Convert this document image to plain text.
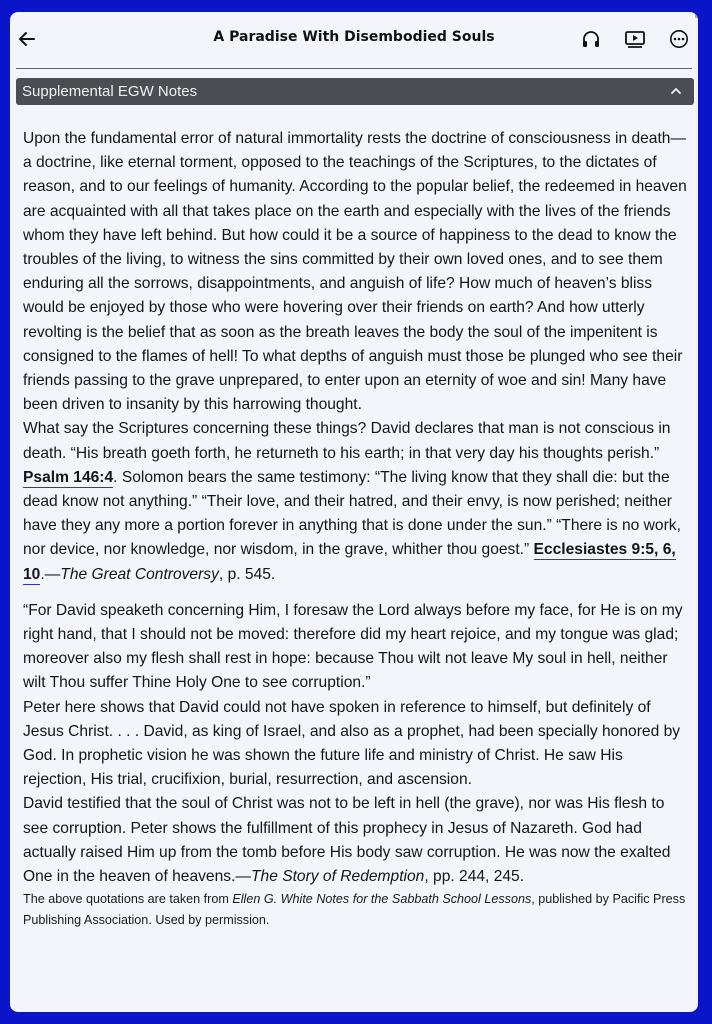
A Paradise With Disembodied Souls
Supplemental EGW Notes

Upon the fundamental error of natural immortality rests the doctrine of consciousness in death—a doctrine, like eternal torment, opposed to the teachings of the Scriptures, to the dictates of reason, and to our feelings of humanity. According to the popular belief, the redeemed in heaven are acquainted with all that takes place on the earth and especially with the lives of the friends whom they have left behind. But how could it be a source of happiness to the dead to know the troubles of the living, to witness the sins committed by their own loved ones, and to see them enduring all the sorrows, disappointments, and anguish of life? How much of heaven’s bliss would be enjoyed by those who were hovering over their friends on earth? And how utterly revolting is the belief that as soon as the breath leaves the body the soul of the impenitent is consigned to the flames of hell! To what depths of anguish must those be plunged who see their friends passing to the grave unprepared, to enter upon an eternity of woe and sin! Many have been driven to insanity by this harrowing thought.

What say the Scriptures concerning these things? David declares that man is not conscious in death. “His breath goeth forth, he returneth to his earth; in that very day his thoughts perish.” Psalm 146:4. Solomon bears the same testimony: “The living know that they shall die: but the dead know not anything.” “Their love, and their hatred, and their envy, is now perished; neither have they any more a portion forever in anything that is done under the sun.” “There is no work, nor device, nor knowledge, nor wisdom, in the grave, whither thou goest.” Ecclesiastes 9:5, 6, 10.—The Great Controversy, p. 545.

“For David speaketh concerning Him, I foresaw the Lord always before my face, for He is on my right hand, that I should not be moved: therefore did my heart rejoice, and my tongue was glad; moreover also my flesh shall rest in hope: because Thou wilt not leave My soul in hell, neither wilt Thou suffer Thine Holy One to see corruption.”

Peter here shows that David could not have spoken in reference to himself, but definitely of Jesus Christ. . . . David, as king of Israel, and also as a prophet, had been specially honored by God. In prophetic vision he was shown the future life and ministry of Christ. He saw His rejection, His trial, crucifixion, burial, resurrection, and ascension.

David testified that the soul of Christ was not to be left in hell (the grave), nor was His flesh to see corruption. Peter shows the fulfillment of this prophecy in Jesus of Nazareth. God had actually raised Him up from the tomb before His body saw corruption. He was now the exalted One in the heaven of heavens.—The Story of Redemption, pp. 244, 245.

The above quotations are taken from Ellen G. White Notes for the Sabbath School Lessons, published by Pacific Press Publishing Association. Used by permission.
